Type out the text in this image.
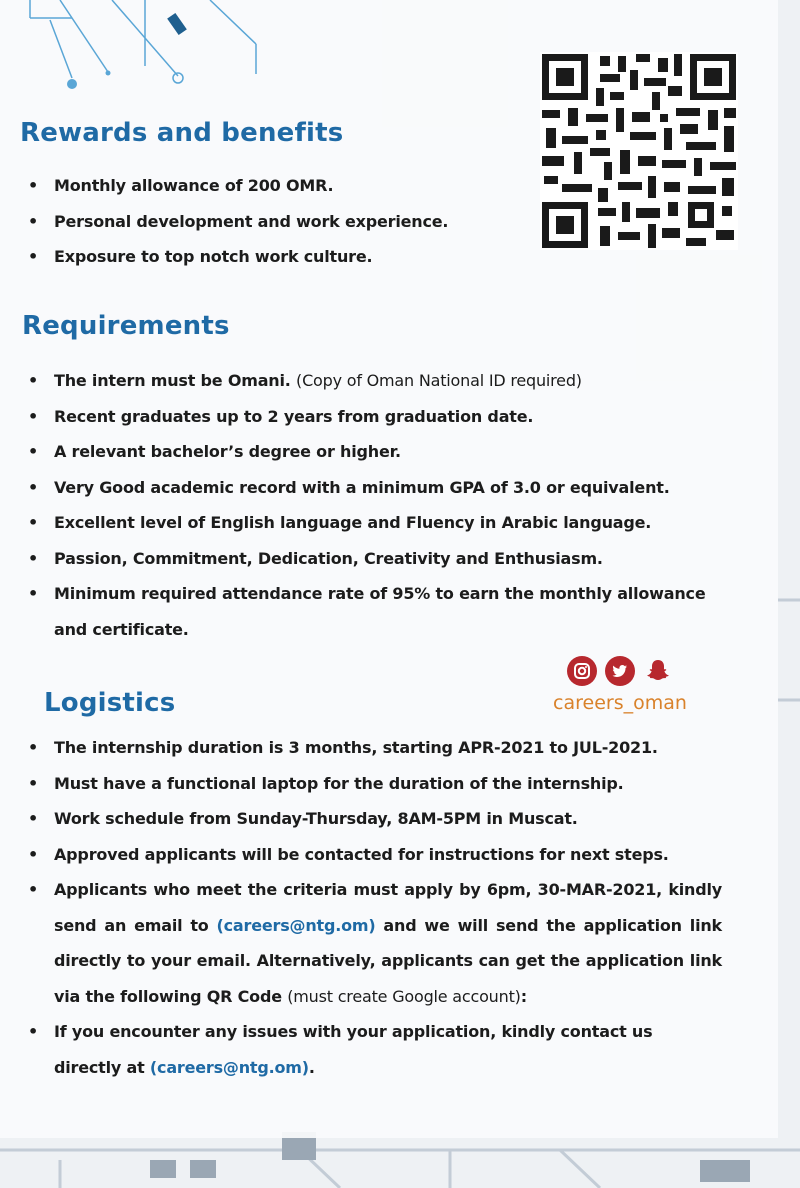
Rewards and benefits
• Monthly allowance of 200 OMR.
• Personal development and work experience.
• Exposure to top notch work culture.
Requirements
• The intern must be Omani. (Copy of Oman National ID required)
• Recent graduates up to 2 years from graduation date.
• A relevant bachelor’s degree or higher.
• Very Good academic record with a minimum GPA of 3.0 or equivalent.
• Excellent level of English language and Fluency in Arabic language.
• Passion, Commitment, Dedication, Creativity and Enthusiasm.
• Minimum required attendance rate of 95% to earn the monthly allowance and certificate.
careers_oman
Logistics
• The internship duration is 3 months, starting APR-2021 to JUL-2021.
• Must have a functional laptop for the duration of the internship.
• Work schedule from Sunday-Thursday, 8AM-5PM in Muscat.
• Approved applicants will be contacted for instructions for next steps.
• Applicants who meet the criteria must apply by 6pm, 30-MAR-2021, kindly send an email to (careers@ntg.om) and we will send the application link directly to your email. Alternatively, applicants can get the application link via the following QR Code (must create Google account):
• If you encounter any issues with your application, kindly contact us directly at (careers@ntg.om).
